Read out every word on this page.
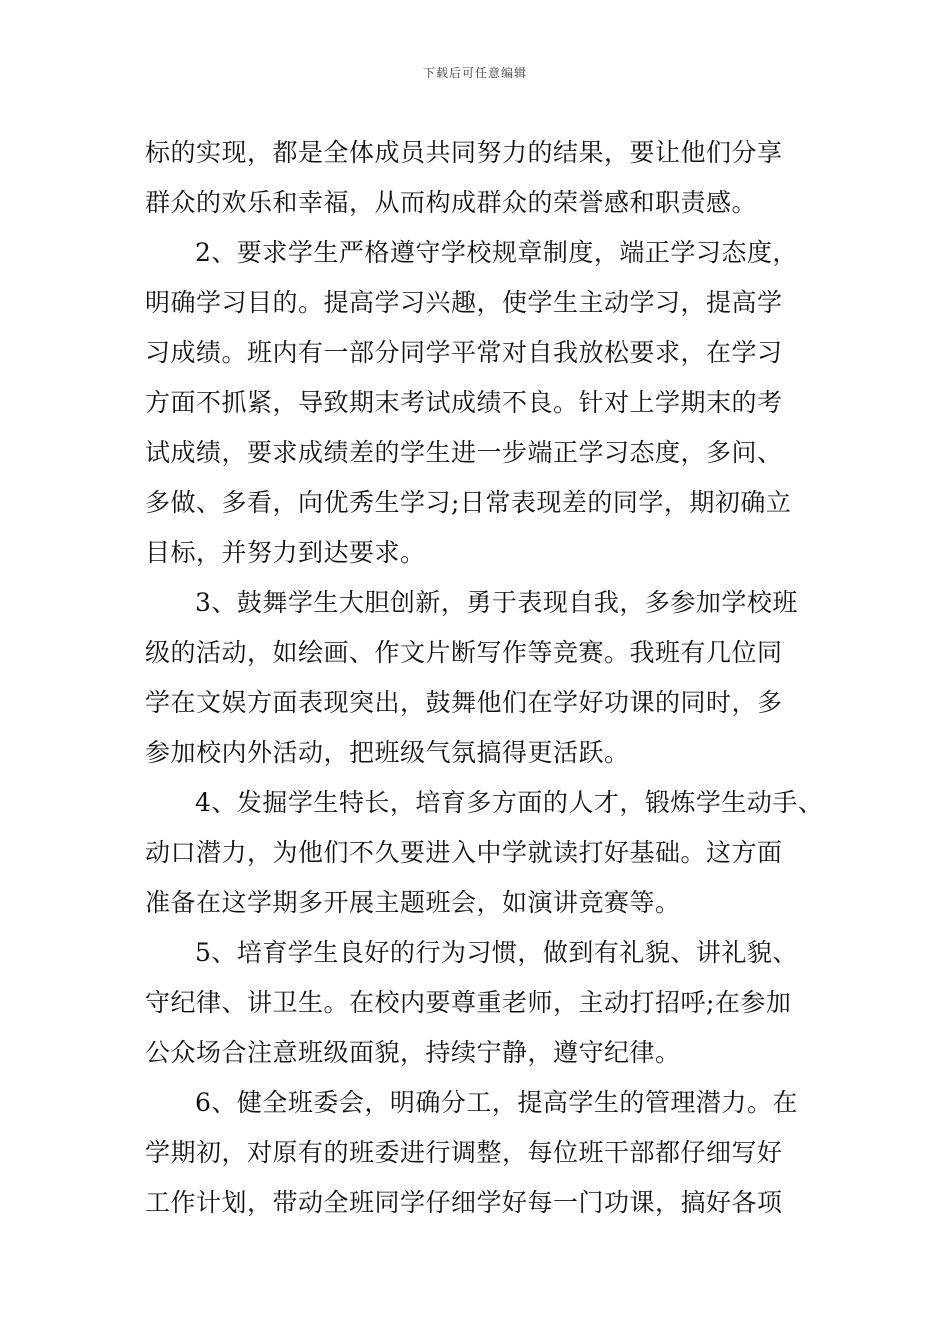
下载后可任意编辑
标的实现，都是全体成员共同努力的结果，要让他们分享
群众的欢乐和幸福，从而构成群众的荣誉感和职责感。
2、要求学生严格遵守学校规章制度，端正学习态度，
明确学习目的。提高学习兴趣，使学生主动学习，提高学
习成绩。班内有一部分同学平常对自我放松要求，在学习
方面不抓紧，导致期末考试成绩不良。针对上学期末的考
试成绩，要求成绩差的学生进一步端正学习态度，多问、
多做、多看，向优秀生学习;日常表现差的同学，期初确立
目标，并努力到达要求。
3、鼓舞学生大胆创新，勇于表现自我，多参加学校班
级的活动，如绘画、作文片断写作等竞赛。我班有几位同
学在文娱方面表现突出，鼓舞他们在学好功课的同时，多
参加校内外活动，把班级气氛搞得更活跃。
4、发掘学生特长，培育多方面的人才，锻炼学生动手、
动口潜力，为他们不久要进入中学就读打好基础。这方面
准备在这学期多开展主题班会，如演讲竞赛等。
5、培育学生良好的行为习惯，做到有礼貌、讲礼貌、
守纪律、讲卫生。在校内要尊重老师，主动打招呼;在参加
公众场合注意班级面貌，持续宁静，遵守纪律。
6、健全班委会，明确分工，提高学生的管理潜力。在
学期初，对原有的班委进行调整，每位班干部都仔细写好
工作计划，带动全班同学仔细学好每一门功课，搞好各项
